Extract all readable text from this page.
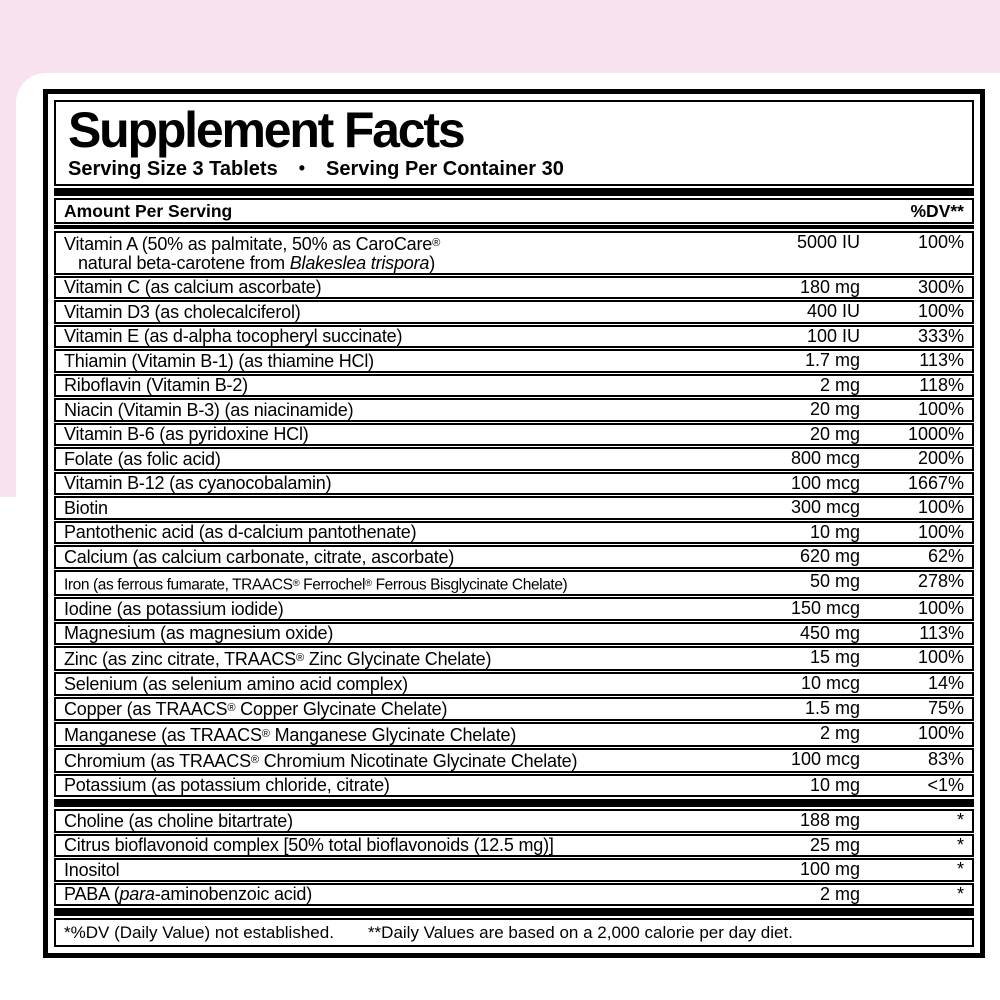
Supplement Facts
Serving Size 3 Tablets • Serving Per Container 30
Amount Per Serving	%DV**
Vitamin A (50% as palmitate, 50% as CaroCare®
natural beta-carotene from Blakeslea trispora)
5000 IU	100%
Vitamin C (as calcium ascorbate)	180 mg	300%
Vitamin D3 (as cholecalciferol)	400 IU	100%
Vitamin E (as d-alpha tocopheryl succinate)	100 IU	333%
Thiamin (Vitamin B-1) (as thiamine HCl)	1.7 mg	113%
Riboflavin (Vitamin B-2)	2 mg	118%
Niacin (Vitamin B-3) (as niacinamide)	20 mg	100%
Vitamin B-6 (as pyridoxine HCl)	20 mg	1000%
Folate (as folic acid)	800 mcg	200%
Vitamin B-12 (as cyanocobalamin)	100 mcg	1667%
Biotin	300 mcg	100%
Pantothenic acid (as d-calcium pantothenate)	10 mg	100%
Calcium (as calcium carbonate, citrate, ascorbate)	620 mg	62%
Iron (as ferrous fumarate, TRAACS® Ferrochel® Ferrous Bisglycinate Chelate)	50 mg	278%
Iodine (as potassium iodide)	150 mcg	100%
Magnesium (as magnesium oxide)	450 mg	113%
Zinc (as zinc citrate, TRAACS® Zinc Glycinate Chelate)	15 mg	100%
Selenium (as selenium amino acid complex)	10 mcg	14%
Copper (as TRAACS® Copper Glycinate Chelate)	1.5 mg	75%
Manganese (as TRAACS® Manganese Glycinate Chelate)	2 mg	100%
Chromium (as TRAACS® Chromium Nicotinate Glycinate Chelate)	100 mcg	83%
Potassium (as potassium chloride, citrate)	10 mg	<1%
Choline (as choline bitartrate)	188 mg	*
Citrus bioflavonoid complex [50% total bioflavonoids (12.5 mg)]	25 mg	*
Inositol	100 mg	*
PABA (para-aminobenzoic acid)	2 mg	*
*%DV (Daily Value) not established. **Daily Values are based on a 2,000 calorie per day diet.
